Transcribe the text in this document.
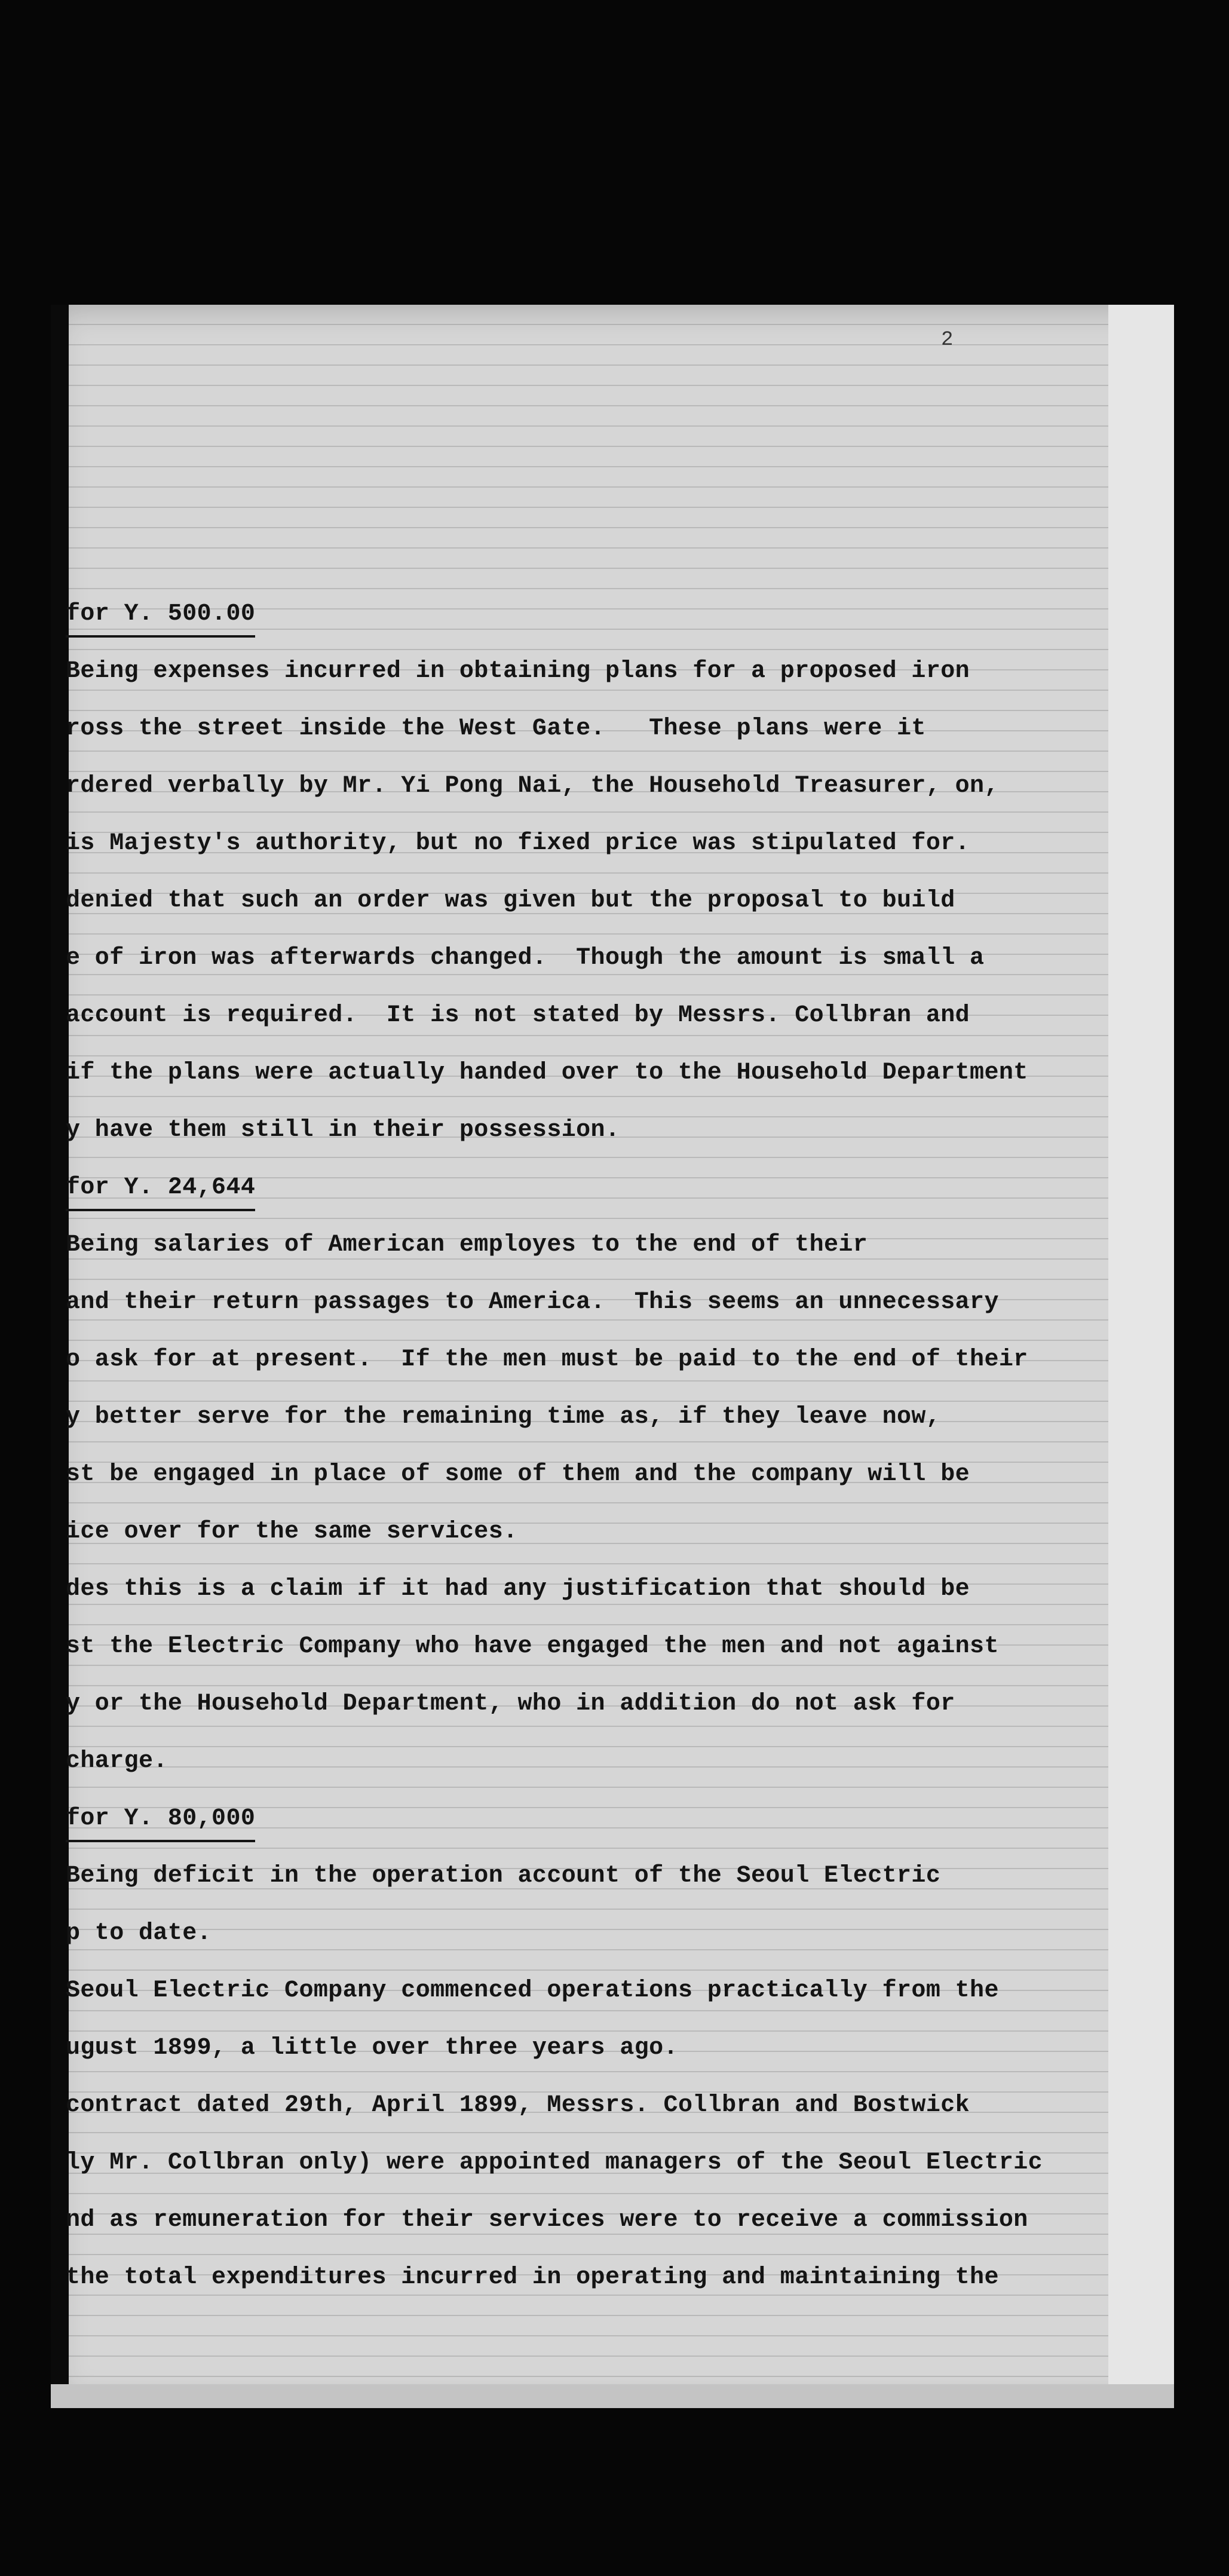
2
for Y. 500.00
Being expenses incurred in obtaining plans for a proposed iron
ross the street inside the West Gate.   These plans were it
rdered verbally by Mr. Yi Pong Nai, the Household Treasurer, on,
is Majesty's authority, but no fixed price was stipulated for.
denied that such an order was given but the proposal to build
e of iron was afterwards changed.  Though the amount is small a
account is required.  It is not stated by Messrs. Collbran and
if the plans were actually handed over to the Household Department
y have them still in their possession.
for Y. 24,644
Being salaries of American employes to the end of their
and their return passages to America.  This seems an unnecessary
o ask for at present.  If the men must be paid to the end of their
y better serve for the remaining time as, if they leave now,
st be engaged in place of some of them and the company will be
ice over for the same services.
des this is a claim if it had any justification that should be
st the Electric Company who have engaged the men and not against
y or the Household Department, who in addition do not ask for
charge.
for Y. 80,000
Being deficit in the operation account of the Seoul Electric
p to date.
Seoul Electric Company commenced operations practically from the
ugust 1899, a little over three years ago.
contract dated 29th, April 1899, Messrs. Collbran and Bostwick
ly Mr. Collbran only) were appointed managers of the Seoul Electric
nd as remuneration for their services were to receive a commission
the total expenditures incurred in operating and maintaining the
